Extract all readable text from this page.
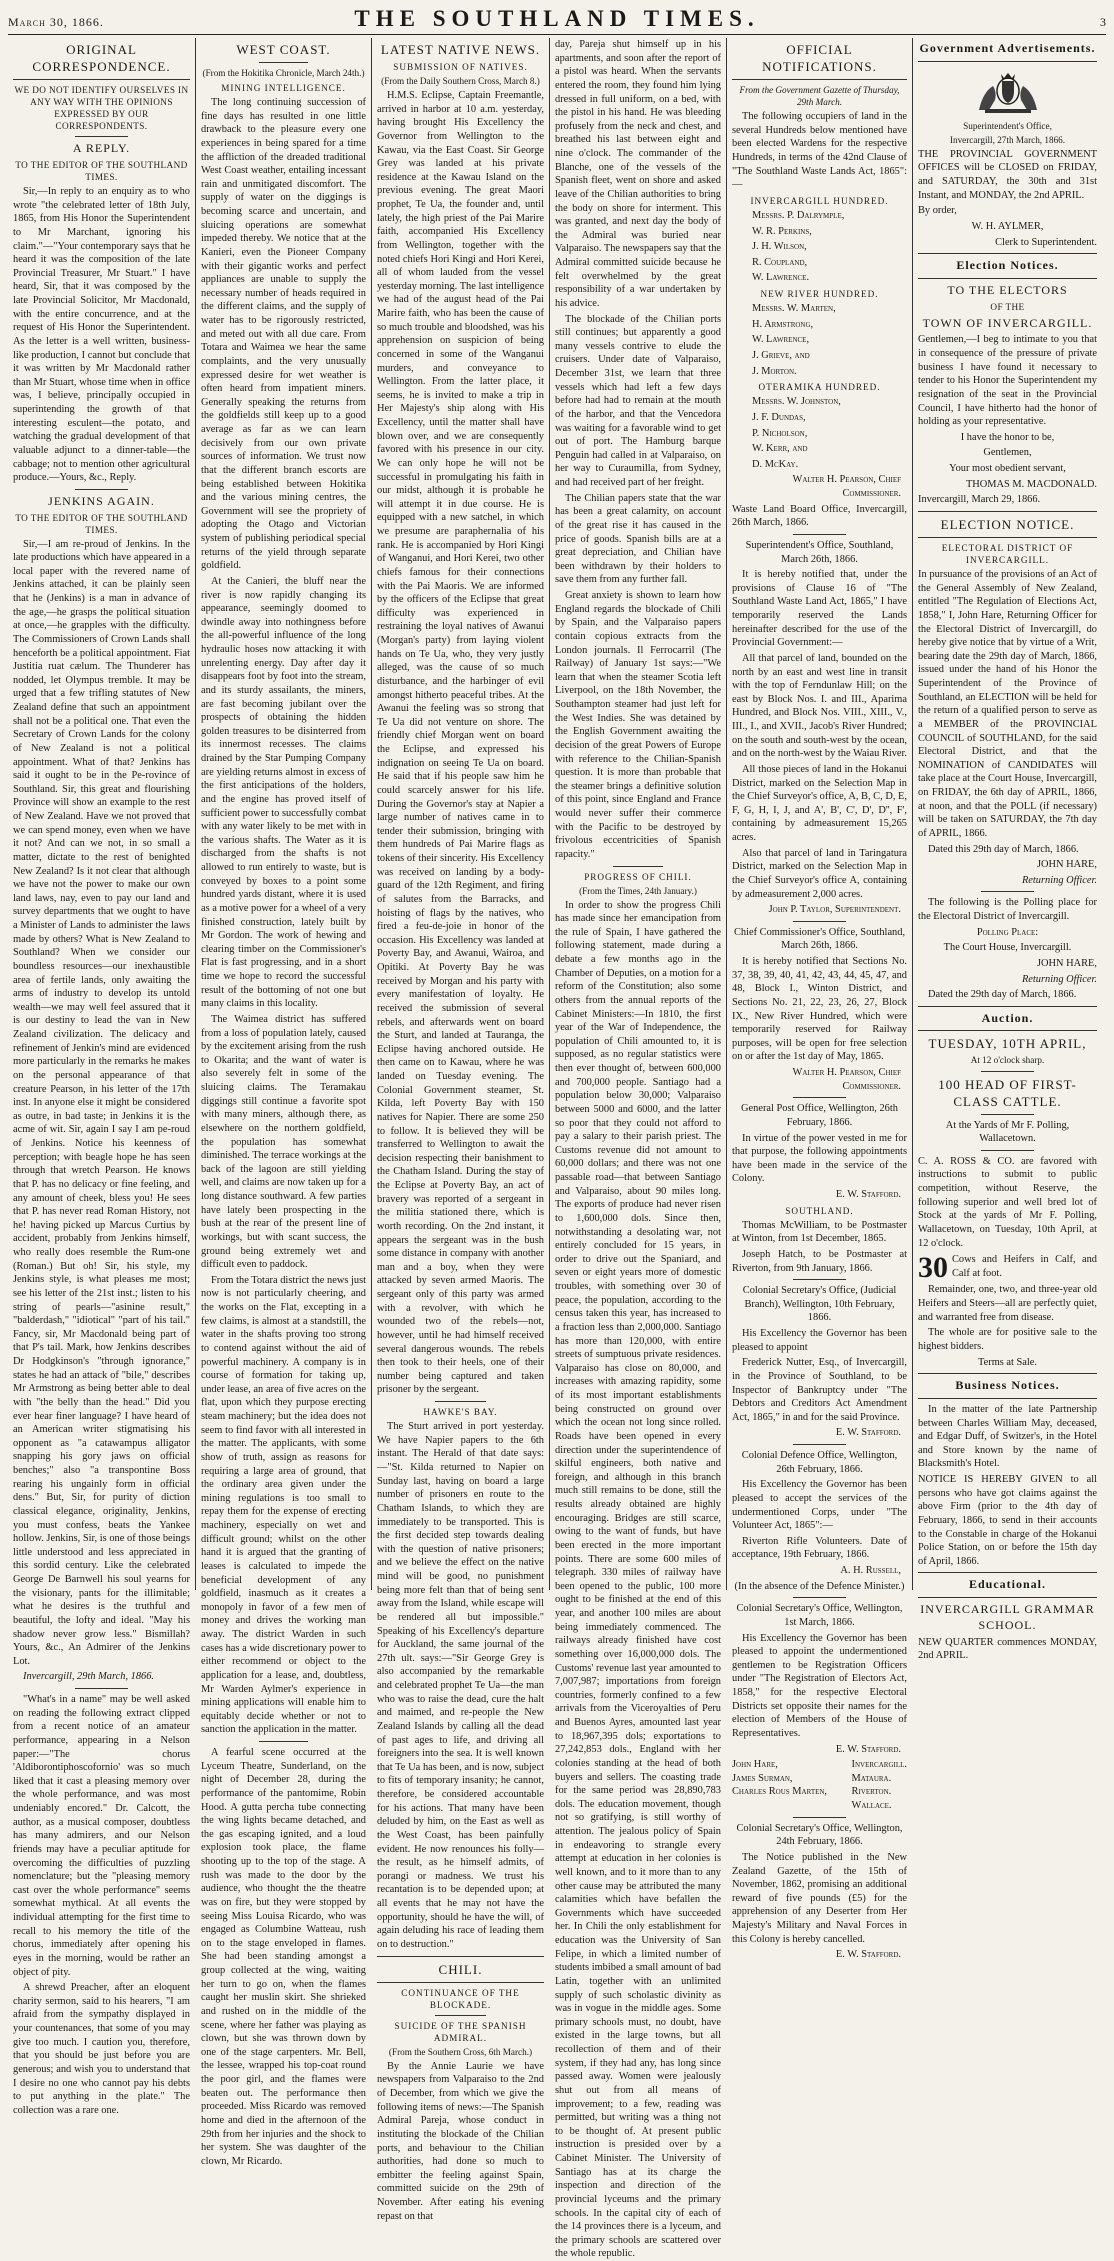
March 30, 1866.	THE SOUTHLAND TIMES.	3
ORIGINAL CORRESPONDENCE.

WE DO NOT IDENTIFY OURSELVES IN ANY WAY WITH THE OPINIONS EXPRESSED BY OUR CORRESPONDENTS.

A REPLY.

TO THE EDITOR OF THE SOUTHLAND TIMES.

Sir,—In reply to an enquiry as to who wrote "the celebrated letter of 18th July, 1865, from His Honor the Superintendent to Mr Marchant, ignoring his claim."—"Your contemporary says that he heard it was the composition of the late Provincial Treasurer, Mr Stuart." I have heard, Sir, that it was composed by the late Provincial Solicitor, Mr Macdonald, with the entire concurrence, and at the request of His Honor the Superintendent. As the letter is a well written, business-like production, I cannot but conclude that it was written by Mr Macdonald rather than Mr Stuart, whose time when in office was, I believe, principally occupied in superintending the growth of that interesting esculent—the potato, and watching the gradual development of that valuable adjunct to a dinner-table—the cabbage; not to mention other agricultural produce.—Yours, &c., Reply.

JENKINS AGAIN.

TO THE EDITOR OF THE SOUTHLAND TIMES.

Sir,—I am re-proud of Jenkins. In the late productions which have appeared in a local paper with the revered name of Jenkins attached, it can be plainly seen that he (Jenkins) is a man in advance of the age,—he grasps the political situation at once,—he grapples with the difficulty. The Commissioners of Crown Lands shall henceforth be a political appointment. Fiat Justitia ruat cælum. The Thunderer has nodded, let Olympus tremble. It may be urged that a few trifling statutes of New Zealand define that such an appointment shall not be a political one. That even the Secretary of Crown Lands for the colony of New Zealand is not a political appointment. What of that? Jenkins has said it ought to be in the Pe-rovince of Southland. Sir, this great and flourishing Province will show an example to the rest of New Zealand. Have we not proved that we can spend money, even when we have it not? And can we not, in so small a matter, dictate to the rest of benighted New Zealand? Is it not clear that although we have not the power to make our own land laws, nay, even to pay our land and survey departments that we ought to have a Minister of Lands to administer the laws made by others? What is New Zealand to Southland? When we consider our boundless resources—our inexhaustible area of fertile lands, only awaiting the arms of industry to develop its untold wealth—we may well feel assured that it is our destiny to lead the van in New Zealand civilization. The delicacy and refinement of Jenkin's mind are evidenced more particularly in the remarks he makes on the personal appearance of that creature Pearson, in his letter of the 17th inst. In anyone else it might be considered as outre, in bad taste; in Jenkins it is the acme of wit. Sir, again I say I am pe-roud of Jenkins. Notice his keenness of perception; with beagle hope he has seen through that wretch Pearson. He knows that P. has no delicacy or fine feeling, and any amount of cheek, bless you! He sees that P. has never read Roman History, not he! having picked up Marcus Curtius by accident, probably from Jenkins himself, who really does resemble the Rum-one (Roman.) But oh! Sir, his style, my Jenkins style, is what pleases me most; see his letter of the 21st inst.; listen to his string of pearls—"asinine result," "balderdash," "idiotical" "part of his tail." Fancy, sir, Mr Macdonald being part of that P's tail. Mark, how Jenkins describes Dr Hodgkinson's "through ignorance," states he had an attack of "bile," describes Mr Armstrong as being better able to deal with "the belly than the head." Did you ever hear finer language? I have heard of an American writer stigmatising his opponent as "a catawampus alligator snapping his gory jaws on official benches;" also "a transpontine Boss rearing his ungainly form in official dens." But, Sir, for purity of diction classical elegance, originality, Jenkins, you must confess, beats the Yankee hollow. Jenkins, Sir, is one of those beings little understood and less appreciated in this sordid century. Like the celebrated George De Barnwell his soul yearns for the visionary, pants for the illimitable; what he desires is the truthful and beautiful, the lofty and ideal. "May his shadow never grow less." Bismillah? Yours, &c., An Admirer of the Jenkins Lot.

Invercargill, 29th March, 1866.

"What's in a name" may be well asked on reading the following extract clipped from a recent notice of an amateur performance, appearing in a Nelson paper:—"The chorus 'Aldiborontiphoscofornio' was so much liked that it cast a pleasing memory over the whole performance, and was most undeniably encored." Dr. Calcott, the author, as a musical composer, doubtless has many admirers, and our Nelson friends may have a peculiar aptitude for overcoming the difficulties of puzzling nomenclature; but the "pleasing memory cast over the whole performance" seems somewhat mythical. At all events the individual attempting for the first time to recall to his memory the title of the chorus, immediately after opening his eyes in the morning, would be rather an object of pity.

A shrewd Preacher, after an eloquent charity sermon, said to his hearers, "I am afraid from the sympathy displayed in your countenances, that some of you may give too much. I caution you, therefore, that you should be just before you are generous; and wish you to understand that I desire no one who cannot pay his debts to put anything in the plate." The collection was a rare one.

WEST COAST.

(From the Hokitika Chronicle, March 24th.)

MINING INTELLIGENCE.

The long continuing succession of fine days has resulted in one little drawback to the pleasure every one experiences in being spared for a time the affliction of the dreaded traditional West Coast weather, entailing incessant rain and unmitigated discomfort. The supply of water on the diggings is becoming scarce and uncertain, and sluicing operations are somewhat impeded thereby. We notice that at the Kanieri, even the Pioneer Company with their gigantic works and perfect appliances are unable to supply the necessary number of heads required in the different claims, and the supply of water has to be rigorously restricted, and meted out with all due care. From Totara and Waimea we hear the same complaints, and the very unusually expressed desire for wet weather is often heard from impatient miners. Generally speaking the returns from the goldfields still keep up to a good average as far as we can learn decisively from our own private sources of information. We trust now that the different branch escorts are being established between Hokitika and the various mining centres, the Government will see the propriety of adopting the Otago and Victorian system of publishing periodical special returns of the yield through separate goldfield.

At the Canieri, the bluff near the river is now rapidly changing its appearance, seemingly doomed to dwindle away into nothingness before the all-powerful influence of the long hydraulic hoses now attacking it with unrelenting energy. Day after day it disappears foot by foot into the stream, and its sturdy assailants, the miners, are fast becoming jubilant over the prospects of obtaining the hidden golden treasures to be disinterred from its innermost recesses. The claims drained by the Star Pumping Company are yielding returns almost in excess of the first anticipations of the holders, and the engine has proved itself of sufficient power to successfully combat with any water likely to be met with in the various shafts. The Water as it is discharged from the shafts is not allowed to run entirely to waste, but is conveyed by boxes to a point some hundred yards distant, where it is used as a motive power for a wheel of a very finished construction, lately built by Mr Gordon. The work of hewing and clearing timber on the Commissioner's Flat is fast progressing, and in a short time we hope to record the successful result of the bottoming of not one but many claims in this locality.

The Waimea district has suffered from a loss of population lately, caused by the excitement arising from the rush to Okarita; and the want of water is also severely felt in some of the sluicing claims. The Teramakau diggings still continue a favorite spot with many miners, although there, as elsewhere on the northern goldfield, the population has somewhat diminished. The terrace workings at the back of the lagoon are still yielding well, and claims are now taken up for a long distance southward. A few parties have lately been prospecting in the bush at the rear of the present line of workings, but with scant success, the ground being extremely wet and difficult even to paddock.

From the Totara district the news just now is not particularly cheering, and the works on the Flat, excepting in a few claims, is almost at a standstill, the water in the shafts proving too strong to contend against without the aid of powerful machinery. A company is in course of formation for taking up, under lease, an area of five acres on the flat, upon which they purpose erecting steam machinery; but the idea does not seem to find favor with all interested in the matter. The applicants, with some show of truth, assign as reasons for requiring a large area of ground, that the ordinary area given under the mining regulations is too small to repay them for the expense of erecting machinery, especially on wet and difficult ground; whilst on the other hand it is argued that the granting of leases is calculated to impede the beneficial development of any goldfield, inasmuch as it creates a monopoly in favor of a few men of money and drives the working man away. The district Warden in such cases has a wide discretionary power to either recommend or object to the application for a lease, and, doubtless, Mr Warden Aylmer's experience in mining applications will enable him to equitably decide whether or not to sanction the application in the matter.

A fearful scene occurred at the Lyceum Theatre, Sunderland, on the night of December 28, during the performance of the pantomime, Robin Hood. A gutta percha tube connecting the wing lights became detached, and the gas escaping ignited, and a loud explosion took place, the flame shooting up to the top of the stage. A rush was made to the door by the audience, who thought the the theatre was on fire, but they were stopped by seeing Miss Louisa Ricardo, who was engaged as Columbine Watteau, rush on to the stage enveloped in flames. She had been standing amongst a group collected at the wing, waiting her turn to go on, when the flames caught her muslin skirt. She shrieked and rushed on in the middle of the scene, where her father was playing as clown, but she was thrown down by one of the stage carpenters. Mr. Bell, the lessee, wrapped his top-coat round the poor girl, and the flames were beaten out. The performance then proceeded. Miss Ricardo was removed home and died in the afternoon of the 29th from her injuries and the shock to her system. She was daughter of the clown, Mr Ricardo.

LATEST NATIVE NEWS.
SUBMISSION OF NATIVES.

(From the Daily Southern Cross, March 8.)

H.M.S. Eclipse, Captain Freemantle, arrived in harbor at 10 a.m. yesterday, having brought His Excellency the Governor from Wellington to the Kawau, via the East Coast. Sir George Grey was landed at his private residence at the Kawau Island on the previous evening. The great Maori prophet, Te Ua, the founder and, until lately, the high priest of the Pai Marire faith, accompanied His Excellency from Wellington, together with the noted chiefs Hori Kingi and Hori Kerei, all of whom lauded from the vessel yesterday morning. The last intelligence we had of the august head of the Pai Marire faith, who has been the cause of so much trouble and bloodshed, was his apprehension on suspicion of being concerned in some of the Wanganui murders, and conveyance to Wellington. From the latter place, it seems, he is invited to make a trip in Her Majesty's ship along with His Excellency, until the matter shall have blown over, and we are consequently favored with his presence in our city. We can only hope he will not be successful in promulgating his faith in our midst, although it is probable he will attempt it in due course. He is equipped with a new satchel, in which we presume are paraphernalia of his rank. He is accompanied by Hori Kingi of Wanganui, and Hori Kerei, two other chiefs famous for their connections with the Pai Maoris. We are informed by the officers of the Eclipse that great difficulty was experienced in restraining the loyal natives of Awanui (Morgan's party) from laying violent hands on Te Ua, who, they very justly alleged, was the cause of so much disturbance, and the harbinger of evil amongst hitherto peaceful tribes. At the Awanui the feeling was so strong that Te Ua did not venture on shore. The friendly chief Morgan went on board the Eclipse, and expressed his indignation on seeing Te Ua on board. He said that if his people saw him he could scarcely answer for his life. During the Governor's stay at Napier a large number of natives came in to tender their submission, bringing with them hundreds of Pai Marire flags as tokens of their sincerity. His Excellency was received on landing by a body-guard of the 12th Regiment, and firing of salutes from the Barracks, and hoisting of flags by the natives, who fired a feu-de-joie in honor of the occasion. His Excellency was landed at Poverty Bay, and Awanui, Wairoa, and Opitiki. At Poverty Bay he was received by Morgan and his party with every manifestation of loyalty. He received the submission of several rebels, and afterwards went on board the Sturt, and landed at Tauranga, the Eclipse having anchored outside. He then came on to Kawau, where he was landed on Tuesday evening. The Colonial Government steamer, St. Kilda, left Poverty Bay with 150 natives for Napier. There are some 250 to follow. It is believed they will be transferred to Wellington to await the decision respecting their banishment to the Chatham Island. During the stay of the Eclipse at Poverty Bay, an act of bravery was reported of a sergeant in the militia stationed there, which is worth recording. On the 2nd instant, it appears the sergeant was in the bush some distance in company with another man and a boy, when they were attacked by seven armed Maoris. The sergeant only of this party was armed with a revolver, with which he wounded two of the rebels—not, however, until he had himself received several dangerous wounds. The rebels then took to their heels, one of their number being captured and taken prisoner by the sergeant.

HAWKE'S BAY.

The Sturt arrived in port yesterday. We have Napier papers to the 6th instant. The Herald of that date says:—"St. Kilda returned to Napier on Sunday last, having on board a large number of prisoners en route to the Chatham Islands, to which they are immediately to be transported. This is the first decided step towards dealing with the question of native prisoners; and we believe the effect on the native mind will be good, no punishment being more felt than that of being sent away from the Island, while escape will be rendered all but impossible." Speaking of his Excellency's departure for Auckland, the same journal of the 27th ult. says:—"Sir George Grey is also accompanied by the remarkable and celebrated prophet Te Ua—the man who was to raise the dead, cure the halt and maimed, and re-people the New Zealand Islands by calling all the dead of past ages to life, and driving all foreigners into the sea. It is well known that Te Ua has been, and is now, subject to fits of temporary insanity; he cannot, therefore, be considered accountable for his actions. That many have been deluded by him, on the East as well as the West Coast, has been painfully evident. He now renounces his folly—the result, as he himself admits, of porangi or madness. We trust his recantation is to be depended upon; at all events that he may not have the opportunity, should he have the will, of again deluding his race of leading them on to destruction."

CHILI.
CONTINUANCE OF THE BLOCKADE.
SUICIDE OF THE SPANISH ADMIRAL.

(From the Southern Cross, 6th March.)

By the Annie Laurie we have newspapers from Valparaiso to the 2nd of December, from which we give the following items of news:—The Spanish Admiral Pareja, whose conduct in instituting the blockade of the Chilian ports, and behaviour to the Chilian authorities, had done so much to embitter the feeling against Spain, committed suicide on the 29th of November. After eating his evening repast on that

day, Pareja shut himself up in his apartments, and soon after the report of a pistol was heard. When the servants entered the room, they found him lying dressed in full uniform, on a bed, with the pistol in his hand. He was bleeding profusely from the neck and chest, and breathed his last between eight and nine o'clock. The commander of the Blanche, one of the vessels of the Spanish fleet, went on shore and asked leave of the Chilian authorities to bring the body on shore for interment. This was granted, and next day the body of the Admiral was buried near Valparaiso. The newspapers say that the Admiral committed suicide because he felt overwhelmed by the great responsibility of a war undertaken by his advice.

The blockade of the Chilian ports still continues; but apparently a good many vessels contrive to elude the cruisers. Under date of Valparaiso, December 31st, we learn that three vessels which had left a few days before had had to remain at the mouth of the harbor, and that the Vencedora was waiting for a favorable wind to get out of port. The Hamburg barque Penguin had called in at Valparaiso, on her way to Curaumilla, from Sydney, and had received part of her freight.

The Chilian papers state that the war has been a great calamity, on account of the great rise it has caused in the price of goods. Spanish bills are at a great depreciation, and Chilian have been withdrawn by their holders to save them from any further fall.

Great anxiety is shown to learn how England regards the blockade of Chili by Spain, and the Valparaiso papers contain copious extracts from the London journals. Il Ferrocarril (The Railway) of January 1st says:—"We learn that when the steamer Scotia left Liverpool, on the 18th November, the Southampton steamer had just left for the West Indies. She was detained by the English Government awaiting the decision of the great Powers of Europe with reference to the Chilian-Spanish question. It is more than probable that the steamer brings a definitive solution of this point, since England and France would never suffer their commerce with the Pacific to be destroyed by frivolous eccentricities of Spanish rapacity."

PROGRESS OF CHILI.

(From the Times, 24th January.)

In order to show the progress Chili has made since her emancipation from the rule of Spain, I have gathered the following statement, made during a debate a few months ago in the Chamber of Deputies, on a motion for a reform of the Constitution; also some others from the annual reports of the Cabinet Ministers:—In 1810, the first year of the War of Independence, the population of Chili amounted to, it is supposed, as no regular statistics were then ever thought of, between 600,000 and 700,000 people. Santiago had a population below 30,000; Valparaiso between 5000 and 6000, and the latter so poor that they could not afford to pay a salary to their parish priest. The Customs revenue did not amount to 60,000 dollars; and there was not one passable road—that between Santiago and Valparaiso, about 90 miles long. The exports of produce had never risen to 1,600,000 dols. Since then, notwithstanding a desolating war, not entirely concluded for 15 years, in order to drive out the Spaniard, and seven or eight years more of domestic troubles, with something over 30 of peace, the population, according to the census taken this year, has increased to a fraction less than 2,000,000. Santiago has more than 120,000, with entire streets of sumptuous private residences. Valparaiso has close on 80,000, and increases with amazing rapidity, some of its most important establishments being constructed on ground over which the ocean not long since rolled. Roads have been opened in every direction under the superintendence of skilful engineers, both native and foreign, and although in this branch much still remains to be done, still the results already obtained are highly encouraging. Bridges are still scarce, owing to the want of funds, but have been erected in the more important points. There are some 600 miles of telegraph. 330 miles of railway have been opened to the public, 100 more ought to be finished at the end of this year, and another 100 miles are about being immediately commenced. The railways already finished have cost something over 16,000,000 dols. The Customs' revenue last year amounted to 7,007,987; importations from foreign countries, formerly confined to a few arrivals from the Viceroyalties of Peru and Buenos Ayres, amounted last year to 18,967,395 dols; exportations to 27,242,853 dols., England with her colonies standing at the head of both buyers and sellers. The coasting trade for the same period was 28,890,783 dols. The education movement, though not so gratifying, is still worthy of attention. The jealous policy of Spain in endeavoring to strangle every attempt at education in her colonies is well known, and to it more than to any other cause may be attributed the many calamities which have befallen the Governments which have succeeded her. In Chili the only establishment for education was the University of San Felipe, in which a limited number of students imbibed a small amount of bad Latin, together with an unlimited supply of such scholastic divinity as was in vogue in the middle ages. Some primary schools must, no doubt, have existed in the large towns, but all recollection of them and of their system, if they had any, has long since passed away. Women were jealously shut out from all means of improvement; to a few, reading was permitted, but writing was a thing not to be thought of. At present public instruction is presided over by a Cabinet Minister. The University of Santiago has at its charge the inspection and direction of the provincial lyceums and the primary schools. In the capital city of each of the 14 provinces there is a lyceum, and the primary schools are scattered over the whole republic.

OFFICIAL NOTIFICATIONS.

From the Government Gazette of Thursday, 29th March.

The following occupiers of land in the several Hundreds below mentioned have been elected Wardens for the respective Hundreds, in terms of the 42nd Clause of "The Southland Waste Lands Act, 1865":—

INVERCARGILL HUNDRED.

Messrs. P. Dalrymple,

W. R. Perkins,

J. H. Wilson,

R. Coupland,

W. Lawrence.

NEW RIVER HUNDRED.

Messrs. W. Marten,

H. Armstrong,

W. Lawrence,

J. Grieve, and

J. Morton.

OTERAMIKA HUNDRED.

Messrs. W. Johnston,

J. F. Dundas,

P. Nicholson,

W. Kerr, and

D. McKay.

Walter H. Pearson, Chief Commissioner.

Waste Land Board Office, Invercargill, 26th March, 1866.

Superintendent's Office, Southland, March 26th, 1866.

It is hereby notified that, under the provisions of Clause 16 of "The Southland Waste Land Act, 1865," I have temporarily reserved the Lands hereinafter described for the use of the Provincial Government:—

All that parcel of land, bounded on the north by an east and west line in transit with the top of Ferndunlaw Hill; on the east by Block Nos. I. and III., Aparima Hundred, and Block Nos. VIII., XIII., V., III., I., and XVII., Jacob's River Hundred; on the south and south-west by the ocean, and on the north-west by the Waiau River.

All those pieces of land in the Hokanui District, marked on the Selection Map in the Chief Surveyor's office, A, B, C, D, E, F, G, H, I, J, and A', B', C', D', D'', F', containing by admeasurement 15,265 acres.

Also that parcel of land in Taringatura District, marked on the Selection Map in the Chief Surveyor's office A, containing by admeasurement 2,000 acres.

John P. Taylor, Superintendent.

Chief Commissioner's Office, Southland, March 26th, 1866.

It is hereby notified that Sections No. 37, 38, 39, 40, 41, 42, 43, 44, 45, 47, and 48, Block I., Winton District, and Sections No. 21, 22, 23, 26, 27, Block IX., New River Hundred, which were temporarily reserved for Railway purposes, will be open for free selection on or after the 1st day of May, 1865.

Walter H. Pearson, Chief Commissioner.

General Post Office, Wellington, 26th February, 1866.

In virtue of the power vested in me for that purpose, the following appointments have been made in the service of the Colony.

E. W. Stafford.

SOUTHLAND.

Thomas McWilliam, to be Postmaster at Winton, from 1st December, 1865.

Joseph Hatch, to be Postmaster at Riverton, from 9th January, 1866.

Colonial Secretary's Office, (Judicial Branch), Wellington, 10th February, 1866.

His Excellency the Governor has been pleased to appoint

Frederick Nutter, Esq., of Invercargill, in the Province of Southland, to be Inspector of Bankruptcy under "The Debtors and Creditors Act Amendment Act, 1865," in and for the said Province.

E. W. Stafford.

Colonial Defence Office, Wellington, 26th February, 1866.

His Excellency the Governor has been pleased to accept the services of the undermentioned Corps, under "The Volunteer Act, 1865":—

Riverton Rifle Volunteers. Date of acceptance, 19th February, 1866.

A. H. Russell,

(In the absence of the Defence Minister.)

Colonial Secretary's Office, Wellington, 1st March, 1866.

His Excellency the Governor has been pleased to appoint the undermentioned gentlemen to be Registration Officers under "The Registration of Electors Act, 1858," for the respective Electoral Districts set opposite their names for the election of Members of the House of Representatives.

E. W. Stafford.

John Hare,	Invercargill.
James Surman,	Mataura.
Charles Rous Marten,	Riverton.
Wallace.

Colonial Secretary's Office, Wellington, 24th February, 1866.

The Notice published in the New Zealand Gazette, of the 15th of November, 1862, promising an additional reward of five pounds (£5) for the apprehension of any Deserter from Her Majesty's Military and Naval Forces in this Colony is hereby cancelled.

E. W. Stafford.

Government Advertisements.

Superintendent's Office,

Invercargill, 27th March, 1866.

THE PROVINCIAL GOVERNMENT OFFICES will be CLOSED on FRIDAY, and SATURDAY, the 30th and 31st Instant, and MONDAY, the 2nd APRIL.

By order,

W. H. AYLMER,

Clerk to Superintendent.

Election Notices.
TO THE ELECTORS

OF THE

TOWN OF INVERCARGILL.

Gentlemen,—I beg to intimate to you that in consequence of the pressure of private business I have found it necessary to tender to his Honor the Superintendent my resignation of the seat in the Provincial Council, I have hitherto had the honor of holding as your representative.

I have the honor to be,

Gentlemen,

Your most obedient servant,

THOMAS M. MACDONALD.

Invercargill, March 29, 1866.

ELECTION NOTICE.
ELECTORAL DISTRICT OF INVERCARGILL.

In pursuance of the provisions of an Act of the General Assembly of New Zealand, entitled "The Regulation of Elections Act, 1858," I, John Hare, Returning Officer for the Electoral District of Invercargill, do hereby give notice that by virtue of a Writ, bearing date the 29th day of March, 1866, issued under the hand of his Honor the Superintendent of the Province of Southland, an ELECTION will be held for the return of a qualified person to serve as a MEMBER of the PROVINCIAL COUNCIL of SOUTHLAND, for the said Electoral District, and that the NOMINATION of CANDIDATES will take place at the Court House, Invercargill, on FRIDAY, the 6th day of APRIL, 1866, at noon, and that the POLL (if necessary) will be taken on SATURDAY, the 7th day of APRIL, 1866.

Dated this 29th day of March, 1866.

JOHN HARE,

Returning Officer.

The following is the Polling place for the Electoral District of Invercargill.

Polling Place:

The Court House, Invercargill.

JOHN HARE,

Returning Officer.

Dated the 29th day of March, 1866.

Auction.
TUESDAY, 10TH APRIL,

At 12 o'clock sharp.

100 HEAD OF FIRST-CLASS CATTLE.

At the Yards of Mr F. Polling, Wallacetown.

C. A. ROSS & CO. are favored with instructions to submit to public competition, without Reserve, the following superior and well bred lot of Stock at the yards of Mr F. Polling, Wallacetown, on Tuesday, 10th April, at 12 o'clock.

30 Cows and Heifers in Calf, and Calf at foot.

Remainder, one, two, and three-year old Heifers and Steers—all are perfectly quiet, and warranted free from disease.

The whole are for positive sale to the highest bidders.

Terms at Sale.

Business Notices.

In the matter of the late Partnership between Charles William May, deceased, and Edgar Duff, of Switzer's, in the Hotel and Store known by the name of Blacksmith's Hotel.

NOTICE IS HEREBY GIVEN to all persons who have got claims against the above Firm (prior to the 4th day of February, 1866, to send in their accounts to the Constable in charge of the Hokanui Police Station, on or before the 15th day of April, 1866.

Educational.
INVERCARGILL GRAMMAR SCHOOL.

NEW QUARTER commences MONDAY, 2nd APRIL.
